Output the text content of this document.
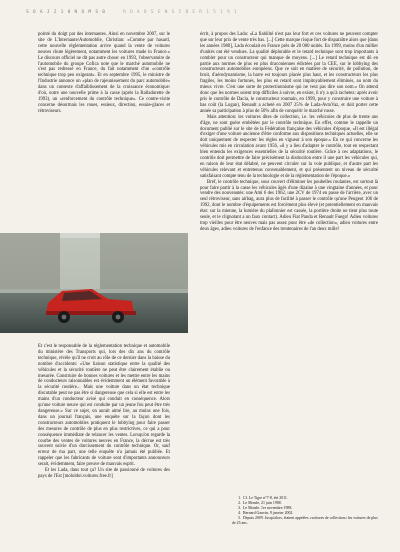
S O A J 2 1 0 N O M S 0	R O A D S E N S I B E R 1 5 1 9 1

pointé du doigt par des internautes. Ainsi en novembre 2007, sur le site de L'Internaute/Automobile, Christian: «Comme par hasard, cette nouvelle réglementation arrive quand la vente de voitures neuves chute légèrement, notamment les voitures made in France.» Le discours officiel ne dit pas autre chose: en 1993, l'observatoire de l'automobile du groupe Cofica note que le marché automobile ne s'est pas redressé en France, du fait notamment d'un «contrôle technique trop peu exigeant». Et en septembre 1995, le ministre de l'Industrie annonce un «plan de rajeunissement du parc automobile» dans un contexte d'affaiblissement de la croissance économique: d'où, outre une nouvelle prime à la casse (après la Balladurette de 1993), un «renforcement du contrôle technique». Ce contre-visite concerne désormais les roues, essieux, direction, essuie-glaces et rétroviseurs.

Et c'est le responsable de la réglementation technique et automobile du ministère des Transports qui, lors des dix ans du contrôle technique, révèle qu'il ne croit au rôle de ce dernier dans la baisse du nombre d'accidents: «Une liaison statistique entre la qualité des véhicules et la sécurité routière ne peut être clairement établie ou mesurée. Construire de bonnes voitures et les mettre entre les mains de conducteurs raisonnables est évidemment un élément favorable à la sécurité routière... Mais une voiture dans un état technique discutable peut ne pas être si dangereuse que cela si elle est entre les mains d'un conducteur avisé qui conduit en conséquence. Alors qu'une voiture neuve qui est conduite par un jeune fou peut être très dangereuse.» Sur ce sujet, on aurait aimé lire, au moins une fois, dans un journal français, une enquête sur la façon dont les constructeurs automobiles pratiquent le lobbying pour faire passer des mesures de contrôle de plus en plus restrictives, ce qui a pour conséquence immédiate de relancer les ventes. Lorsqu'on regarde la courbe des ventes de voitures neuves en France, la décrue est très souvent suivie d'un durcissement du contrôle technique. Or, sauf erreur de ma part, une telle enquête n'a jamais été publiée. Et rappeler que les fabricants de voiture sont d'importants annonceurs serait, évidemment, faire preuve de mauvais esprit.

Et les Lada, dans tout ça? Un site de passionné de voitures des pays de l'Est [mololdoi.voitures.free.fr]

écrit, à propos des Lada: «La fiabilité n'est pas leur fort et ces voitures ne peuvent compter que sur leur prix de vente très bas. [...] Cette marque risque fort de disparaître alors que [dans les années 1980], Lada écoulait en France près de 20 000 unités. En 1999, moins d'un millier d'unités ont été vendues. La qualité déplorable et le retard technique sont trop importants à combler pour un constructeur qui manque de moyens. [...] Le retard technique est dû en partie aux normes de plus en plus draconiennes édictées par la CEE, sur le lobbying des constructeurs automobiles européens. Que ce soit en matière de sécurité, de pollution, de bruit, d'aérodynamisme, la barre est toujours placée plus haut, et les constructeurs les plus fragiles, les moins fortunés, les plus en retard sont impitoyablement éliminés, au nom du mieux vivre. C'est une sorte de protectionnisme qui ne veut pas dire son nom.» On attend donc que les normes soient trop difficiles à suivre, en existe, il n'y a qu'à rachetez: après avoir pris le contrôle de Dacia, le constructeur roumain, en 1999, pour y construire une voiture à bas coût (la Logan), Renault a acheté en 2007 25% de Lada-AvtoVaz, et doit porter cette année sa participation à plus de 50% afin de conquérir le marché russe.

Mais attention: les voitures dites de collection, i.e. les véhicules de plus de trente ans d'âge, ne sont guère embêtées par le contrôle technique. En effet, comme le rappelle un document publié sur le site de la Fédération française des véhicules d'époque, «Il est illégal d'exiger d'une voiture ancienne d'être conforme aux dispositions techniques actuelles, elle se doit uniquement de respecter les règles en vigueur à son époque.» En ce qui concerne les véhicules mis en circulation avant 1956, «il y a lieu d'adapter le contrôle, tout en respectant bien entendu les exigences essentielles de la sécurité routière. Grâce à ces adaptations, le contrôle doit permettre de faire précisément la distinction entre il une part les véhicules qui, en raison de leur état délabré, ne peuvent circuler sur la voie publique, et d'autre part les véhicules relevant et entretenus convenablement, et qui présentent un niveau de sécurité satisfaisant compte tenu de la technologie et de la réglementation de l'époque.»

Bref, le contrôle technique, sous couvert d'éliminer les poubelles roulantes, est surtout là pour faire partir à la casse les véhicules âgés d'une dizaine à une vingtaine d'années, et pour vendre des nouveautés: une Ami 6 des 1962, une 2CV de 1974 en passe de l'arrière, avec un seul rétroviseur, sans airbag, aura plus de facilité à passer le contrôle qu'une Peugeot 106 de 1992, dont le nombre d'équipements est forcément plus élevé (et potentiellement en mauvais état: sur la mienne, la lumière du plafonnier est cassée, la portière droite ne tient plus toute seule, et le clignotant a un faux contact). Adieu Fiat Panda et Renault Fuego! Adieu voitures trop vieilles pour être neuves mais pas assez pour être «de collection», adieu voitures entre deux âges, adieu voitures de l'enfance des trentenaires de l'an deux mille!

1. Cf. Le Tigre n°7-8, été 2011.

2. Le Monde, 21 juin 1988.

3. Le Monde, 1er novembre 1988.

4. Bernard Gauvin, 9 janvier 2002.

5. Depuis 2009. Jusqu'alors, étaient appelées «voitures de collection» les voitures de plus de 25 ans.
